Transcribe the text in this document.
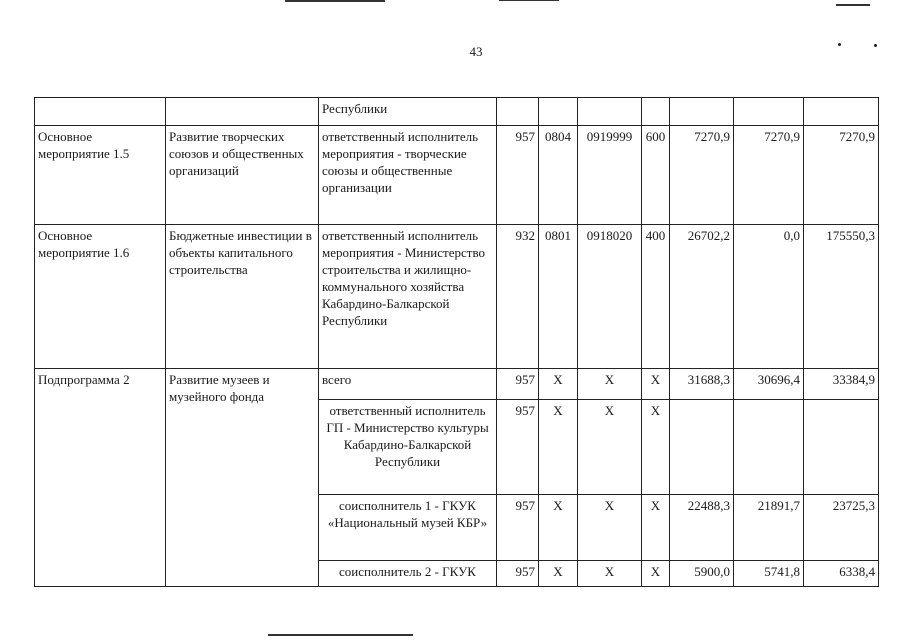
43
		Республики							
Основное мероприятие 1.5	Развитие творческих союзов и общественных организаций	ответственный исполнитель мероприятия - творческие союзы и общественные организации	957	0804	0919999	600	7270,9	7270,9	7270,9
Основное мероприятие 1.6	Бюджетные инвестиции в объекты капитального строительства	ответственный исполнитель мероприятия - Министерство строительства и жилищно-коммунального хозяйства Кабардино-Балкарской Республики	932	0801	0918020	400	26702,2	0,0	175550,3
Подпрограмма 2	Развитие музеев и музейного фонда	всего	957	Х	Х	Х	31688,3	30696,4	33384,9
		ответственный исполнитель ГП - Министерство культуры Кабардино-Балкарской Республики	957	Х	Х	Х			
		соисполнитель 1 - ГКУК «Национальный музей КБР»	957	Х	Х	Х	22488,3	21891,7	23725,3
		соисполнитель 2 - ГКУК	957	Х	Х	Х	5900,0	5741,8	6338,4
